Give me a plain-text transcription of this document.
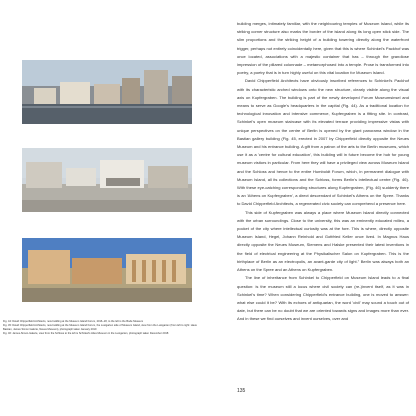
Fig. 44: David Chipperfield Architects, new building at the Museum Island Forum, 2016–18, to the left is the Bode Museum

Fig. 45: David Chipperfield Architects, new building at the Museum Island Forum, the Lustgarten side of Museum Island, view from the Lustgarten (from left to right: Haus Bastian, James Simon Galerie, Neues Museum), photograph taken January 2019

Fig. 46: James-Simon-Galerie, view from the Schloss to the left is Schinkel's Altes Museum in the Lustgarten, photograph taken December 2018

building merges, intimately familiar, with the neighbouring temples of Museum Island, while its striking corner structure also marks the border of the island along its long open stick side. The slim proportions and the striking height of a building towering directly along the waterfront trigger, perhaps not entirely coincidentally here, given that this is where Schinkel's Packhof was once located, associations with a majestic container that has – through the grandiose impression of the pillared colonnade – metamorphosed into a temple. Prose is transformed into poetry, a poetry that is in turn highly useful on this vital location for Museum Island.

David Chipperfield Architects have obviously inscribed references to Schinkel's Packhof with its characteristic arched windows onto the new structure, clearly visible along the visual axis on Kupfergraben. The building is part of the newly developed Forum Museumsinsel and means to serve as Google's headquarters in the capital (Fig. 44). As a traditional location for technological innovation and intensive commerce, Kupfergraben is a fitting site. In contrast, Schinkel's open museum staircase with its elevated terrace providing impressive vistas with unique perspectives on the centre of Berlin is opened by the giant panorama window in the Bastian gallery building (Fig. 45, erected in 2007 by Chipperfield directly opposite the Neues Museum and his entrance building. A gift from a patron of the arts to the Berlin museums, which use it as a 'centre for cultural education', this building will in future become the hub for young museum visitors in particular. From here they will have a privileged view across Museum Island and the Schloss and hence to the entire Humboldt Forum, which, in permanent dialogue with Museum Island, all its collections and the Schloss, forms Berlin's intellectual centre (Fig. 46). With these eye-catching corresponding structures along Kupfergraben, (Fig. 46) suddenly there is an 'Athens on Kupfergraben', a direct descendant of Schinkel's Athens on the Spree. Thanks to David Chipperfield Architects, a regenerated civic society can comprehend a presence here.

This side of Kupfergraben was always a place where Museum Island directly connected with the urban surroundings. Close to the university, this was an eminently educated milieu, a pocket of the city where intellectual curiosity was at the fore. This is where, directly opposite Museum Island, Hegel, Johann Reinhold and Gottfried Keller once lived. In Magnus Haus directly opposite the Neues Museum, Siemens and Halske presented their latest inventions in the field of electrical engineering at the Physikalischer Salon on Kupfergraben. This is the birthplace of Berlin as an electropolis, an avant-garde city of light." Berlin was always both an Athens on the Spree and an Athens on Kupfergraben.

The line of inheritance from Schinkel to Chipperfield on Museum Island leads to a final question: is the museum still a locus where civil society can (re-)invent itself, as it was in Schinkel's time? When considering Chipperfield's entrance building, one is moved to answer: what else could it be? With its echoes of antiquarian, the word 'civil' may sound a touch out of date, but there can be no doubt that we are oriented towards signs and images more than ever. And in these we find ourselves and invent ourselves, over and

135
